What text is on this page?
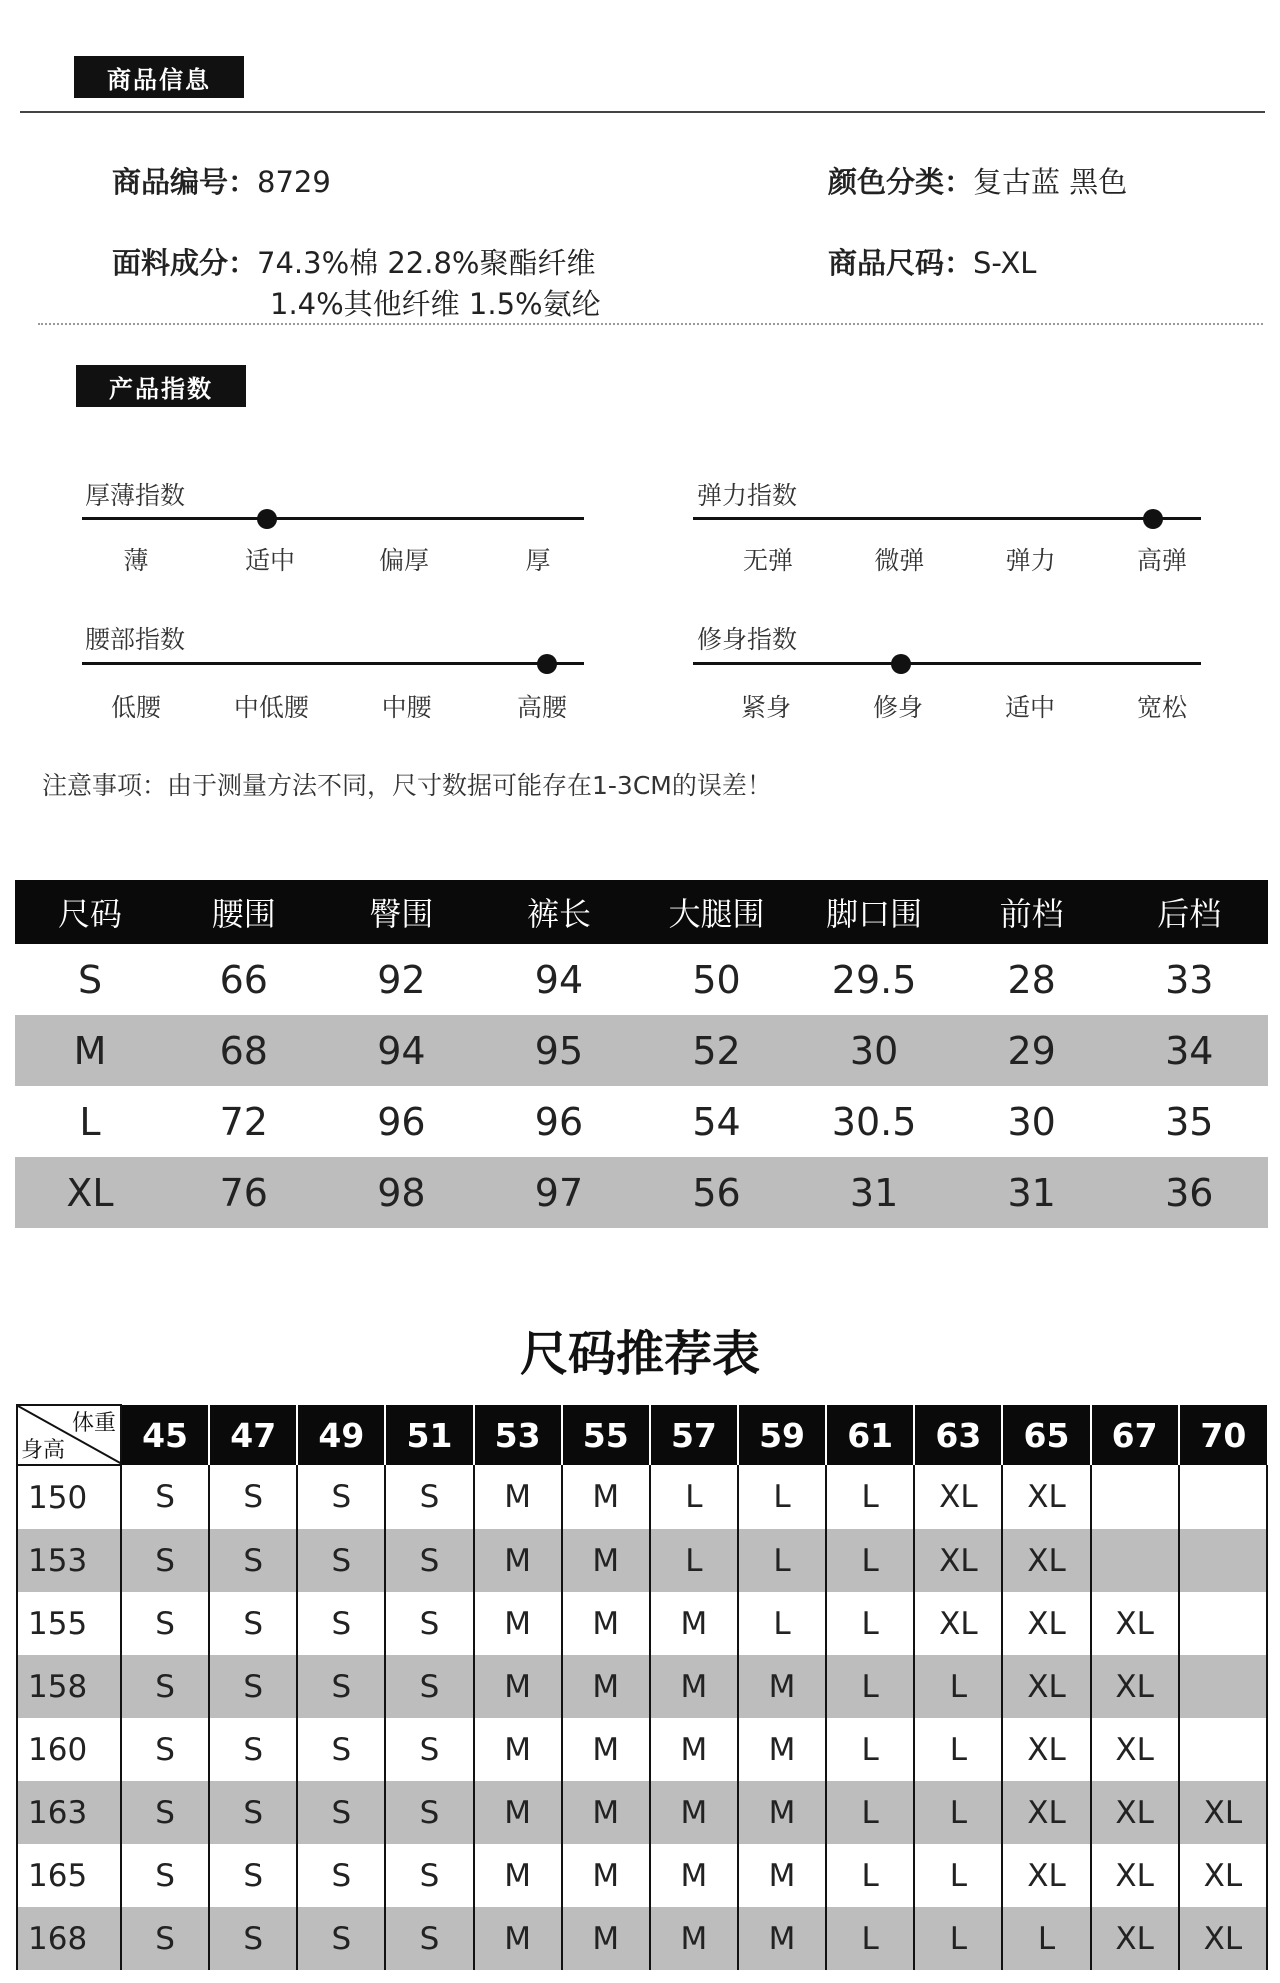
商品信息
商品编号：8729	颜色分类：复古蓝 黑色
面料成分：74.3%棉 22.8%聚酯纤维
1.4%其他纤维 1.5%氨纶
商品尺码：S-XL
产品指数
厚薄指数
薄	适中	偏厚	厚
弹力指数
无弹	微弹	弹力	高弹
腰部指数
低腰	中低腰	中腰	高腰
修身指数
紧身	修身	适中	宽松
注意事项：由于测量方法不同，尺寸数据可能存在1-3CM的误差！
尺码	腰围	臀围	裤长	大腿围	脚口围	前档	后档
S	66	92	94	50	29.5	28	33
M	68	94	95	52	30	29	34
L	72	96	96	54	30.5	30	35
XL	76	98	97	56	31	31	36
尺码推荐表
体重
身高	45	47	49	51	53	55	57	59	61	63	65	67	70
150	S	S	S	S	M	M	L	L	L	XL	XL		
153	S	S	S	S	M	M	L	L	L	XL	XL		
155	S	S	S	S	M	M	M	L	L	XL	XL	XL	
158	S	S	S	S	M	M	M	M	L	L	XL	XL	
160	S	S	S	S	M	M	M	M	L	L	XL	XL	
163	S	S	S	S	M	M	M	M	L	L	XL	XL	XL
165	S	S	S	S	M	M	M	M	L	L	XL	XL	XL
168	S	S	S	S	M	M	M	M	L	L	L	XL	XL
